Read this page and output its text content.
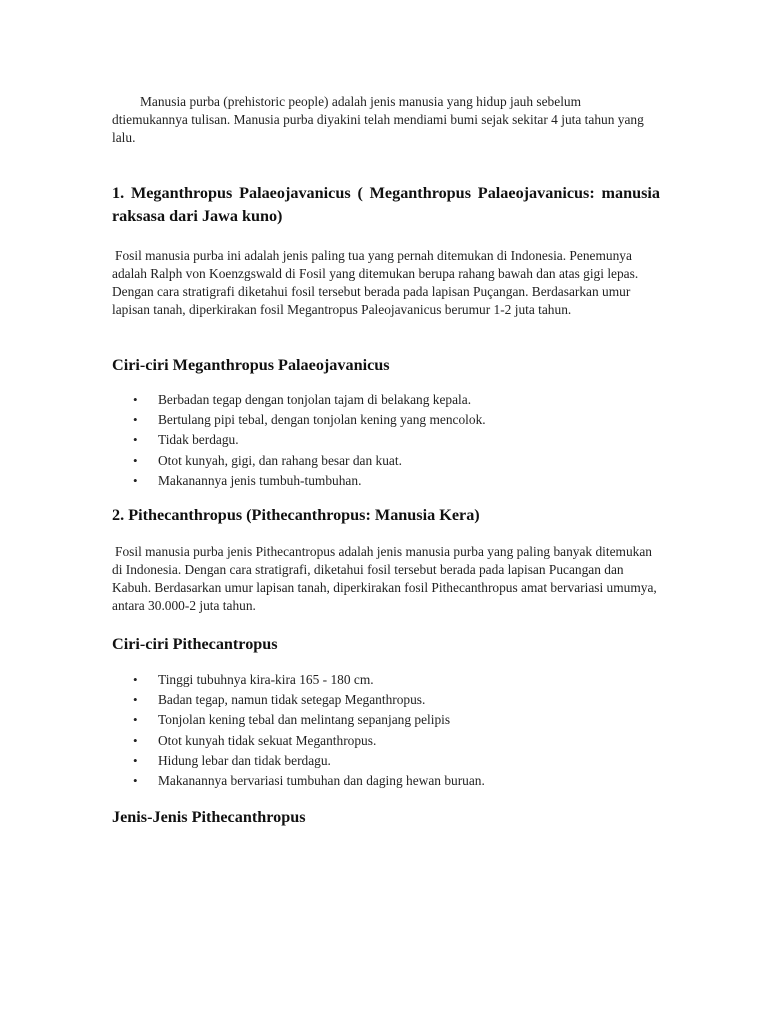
Manusia purba (prehistoric people) adalah jenis manusia yang hidup jauh sebelum dtiemukannya tulisan. Manusia purba diyakini telah mendiami bumi sejak sekitar 4 juta tahun yang lalu.

1. Meganthropus Palaeojavanicus ( Meganthropus Palaeojavanicus: manusia raksasa dari Jawa kuno)

Fosil manusia purba ini adalah jenis paling tua yang pernah ditemukan di Indonesia. Penemunya adalah Ralph von Koenzgswald di Fosil yang ditemukan berupa rahang bawah dan atas gigi lepas. Dengan cara stratigrafi diketahui fosil tersebut berada pada lapisan Puçangan. Berdasarkan umur lapisan tanah, diperkirakan fosil Megantropus Paleojavanicus berumur 1-2 juta tahun.

Ciri-ciri Meganthropus Palaeojavanicus
• Berbadan tegap dengan tonjolan tajam di belakang kepala.
• Bertulang pipi tebal, dengan tonjolan kening yang mencolok.
• Tidak berdagu.
• Otot kunyah, gigi, dan rahang besar dan kuat.
• Makanannya jenis tumbuh-tumbuhan.
2. Pithecanthropus (Pithecanthropus: Manusia Kera)

Fosil manusia purba jenis Pithecantropus adalah jenis manusia purba yang paling banyak ditemukan di Indonesia. Dengan cara stratigrafi, diketahui fosil tersebut berada pada lapisan Pucangan dan Kabuh. Berdasarkan umur lapisan tanah, diperkirakan fosil Pithecanthropus amat bervariasi umumya, antara 30.000-2 juta tahun.

Ciri-ciri Pithecantropus
• Tinggi tubuhnya kira-kira 165 - 180 cm.
• Badan tegap, namun tidak setegap Meganthropus.
• Tonjolan kening tebal dan melintang sepanjang pelipis
• Otot kunyah tidak sekuat Meganthropus.
• Hidung lebar dan tidak berdagu.
• Makanannya bervariasi tumbuhan dan daging hewan buruan.
Jenis-Jenis Pithecanthropus
